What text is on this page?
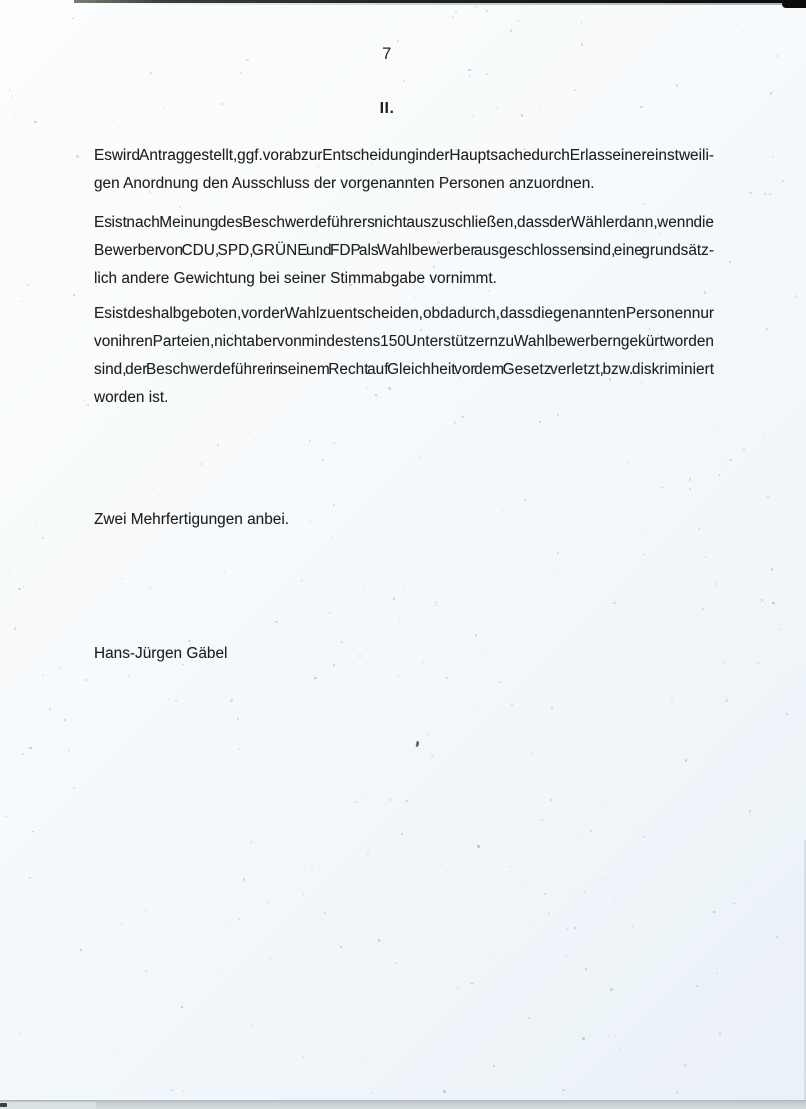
7
II.
Es wird Antrag gestellt, ggf. vorab zur Entscheidung in der Hauptsache durch Erlass einer einstweili-
gen Anordnung den Ausschluss der vorgenannten Personen anzuordnen.
Es ist nach Meinung des Beschwerdeführers nicht auszuschließen, dass der Wähler dann, wenn die
Bewerber von CDU, SPD, GRÜNE und FDP als Wahlbewerber ausgeschlossen sind, eine grundsätz-
lich andere Gewichtung bei seiner Stimmabgabe vornimmt.
Es ist deshalb geboten, vor der Wahl zu entscheiden, ob dadurch, dass die genannten Personen nur
von ihren Parteien, nicht aber von mindestens 150 Unterstützern zu Wahlbewerbern gekürt worden
sind, der Beschwerdeführer in seinem Recht auf Gleichheit vor dem Gesetz verletzt, bzw. diskriminiert
worden ist.
Zwei Mehrfertigungen anbei.
Hans-Jürgen Gäbel
